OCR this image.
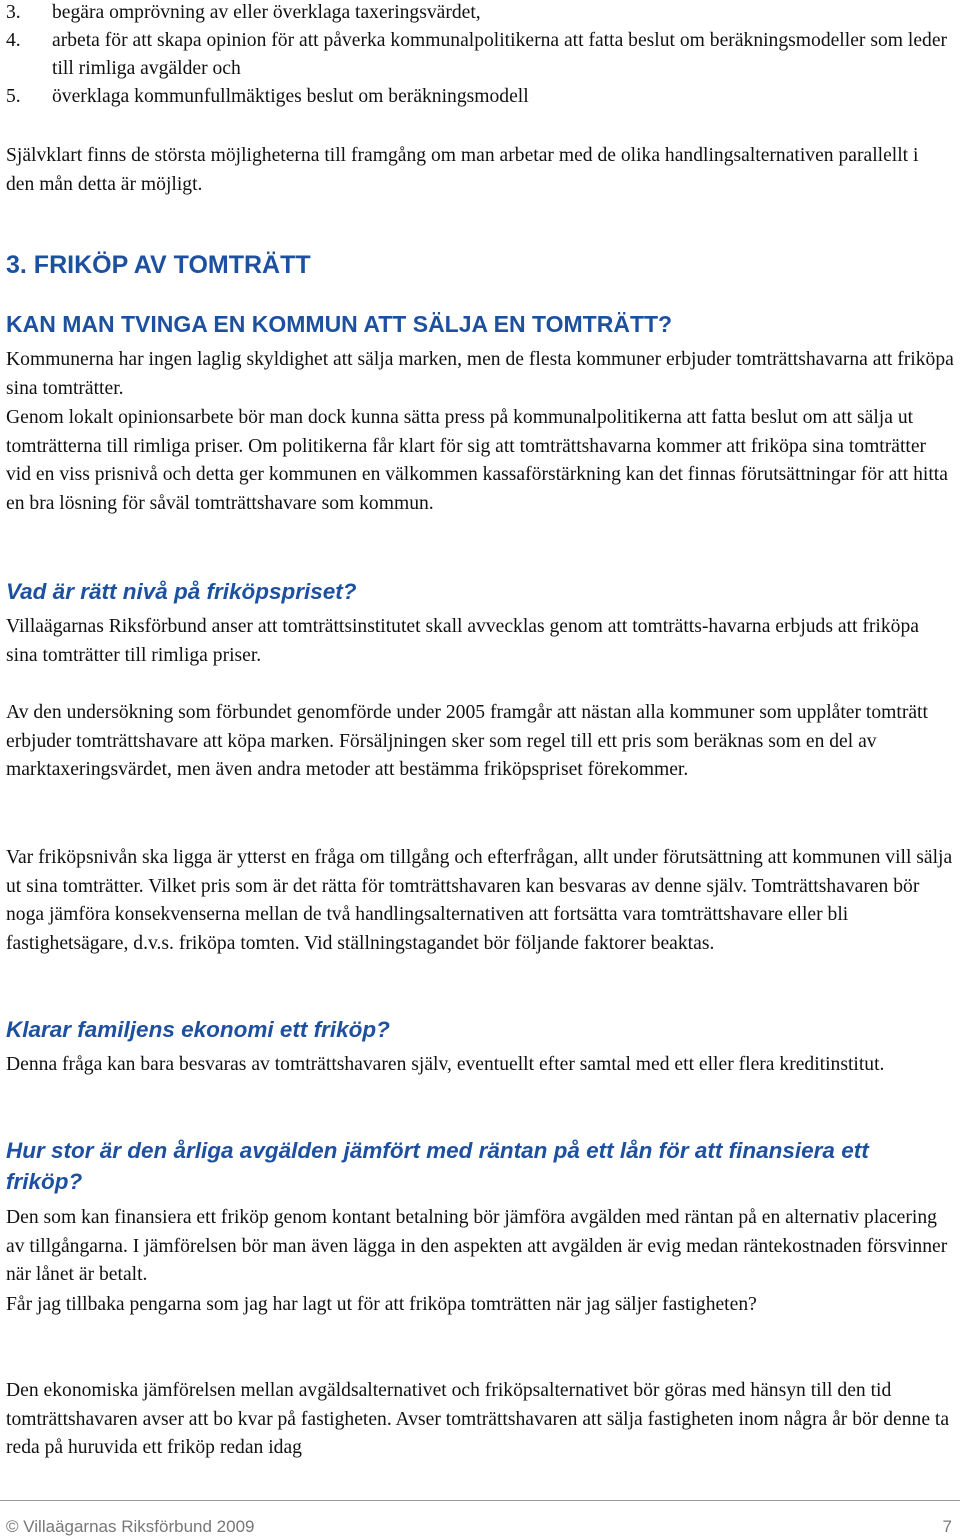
3.	begära omprövning av eller överklaga taxeringsvärdet,
4.	arbeta för att skapa opinion för att påverka kommunalpolitikerna att fatta beslut om beräkningsmodeller som leder till rimliga avgälder och
5.	överklaga kommunfullmäktiges beslut om beräkningsmodell

Självklart finns de största möjligheterna till framgång om man arbetar med de olika handlingsalternativen parallellt i den mån detta är möjligt.

3. FRIKÖP AV TOMTRÄTT
KAN MAN TVINGA EN KOMMUN ATT SÄLJA EN TOMTRÄTT?

Kommunerna har ingen laglig skyldighet att sälja marken, men de flesta kommuner erbjuder tomträttshavarna att friköpa sina tomträtter.

Genom lokalt opinionsarbete bör man dock kunna sätta press på kommunalpolitikerna att fatta beslut om att sälja ut tomträtterna till rimliga priser. Om politikerna får klart för sig att tomträttshavarna kommer att friköpa sina tomträtter vid en viss prisnivå och detta ger kommunen en välkommen kassaförstärkning kan det finnas förutsättningar för att hitta en bra lösning för såväl tomträttshavare som kommun.

Vad är rätt nivå på friköpspriset?

Villaägarnas Riksförbund anser att tomträttsinstitutet skall avvecklas genom att tomträtts-havarna erbjuds att friköpa sina tomträtter till rimliga priser.

Av den undersökning som förbundet genomförde under 2005 framgår att nästan alla kommuner som upplåter tomträtt erbjuder tomträttshavare att köpa marken. Försäljningen sker som regel till ett pris som beräknas som en del av marktaxeringsvärdet, men även andra metoder att bestämma friköpspriset förekommer.

Var friköpsnivån ska ligga är ytterst en fråga om tillgång och efterfrågan, allt under förutsättning att kommunen vill sälja ut sina tomträtter. Vilket pris som är det rätta för tomträttshavaren kan besvaras av denne själv. Tomträttshavaren bör noga jämföra konsekvenserna mellan de två handlingsalternativen att fortsätta vara tomträttshavare eller bli fastighetsägare, d.v.s. friköpa tomten. Vid ställningstagandet bör följande faktorer beaktas.

Klarar familjens ekonomi ett friköp?

Denna fråga kan bara besvaras av tomträttshavaren själv, eventuellt efter samtal med ett eller flera kreditinstitut.

Hur stor är den årliga avgälden jämfört med räntan på ett lån för att finansiera ett friköp?

Den som kan finansiera ett friköp genom kontant betalning bör jämföra avgälden med räntan på en alternativ placering av tillgångarna. I jämförelsen bör man även lägga in den aspekten att avgälden är evig medan räntekostnaden försvinner när lånet är betalt.

Får jag tillbaka pengarna som jag har lagt ut för att friköpa tomträtten när jag säljer fastigheten?

Den ekonomiska jämförelsen mellan avgäldsalternativet och friköpsalternativet bör göras med hänsyn till den tid tomträttshavaren avser att bo kvar på fastigheten. Avser tomträttshavaren att sälja fastigheten inom några år bör denne ta reda på huruvida ett friköp redan idag

© Villaägarnas Riksförbund 2009	7
